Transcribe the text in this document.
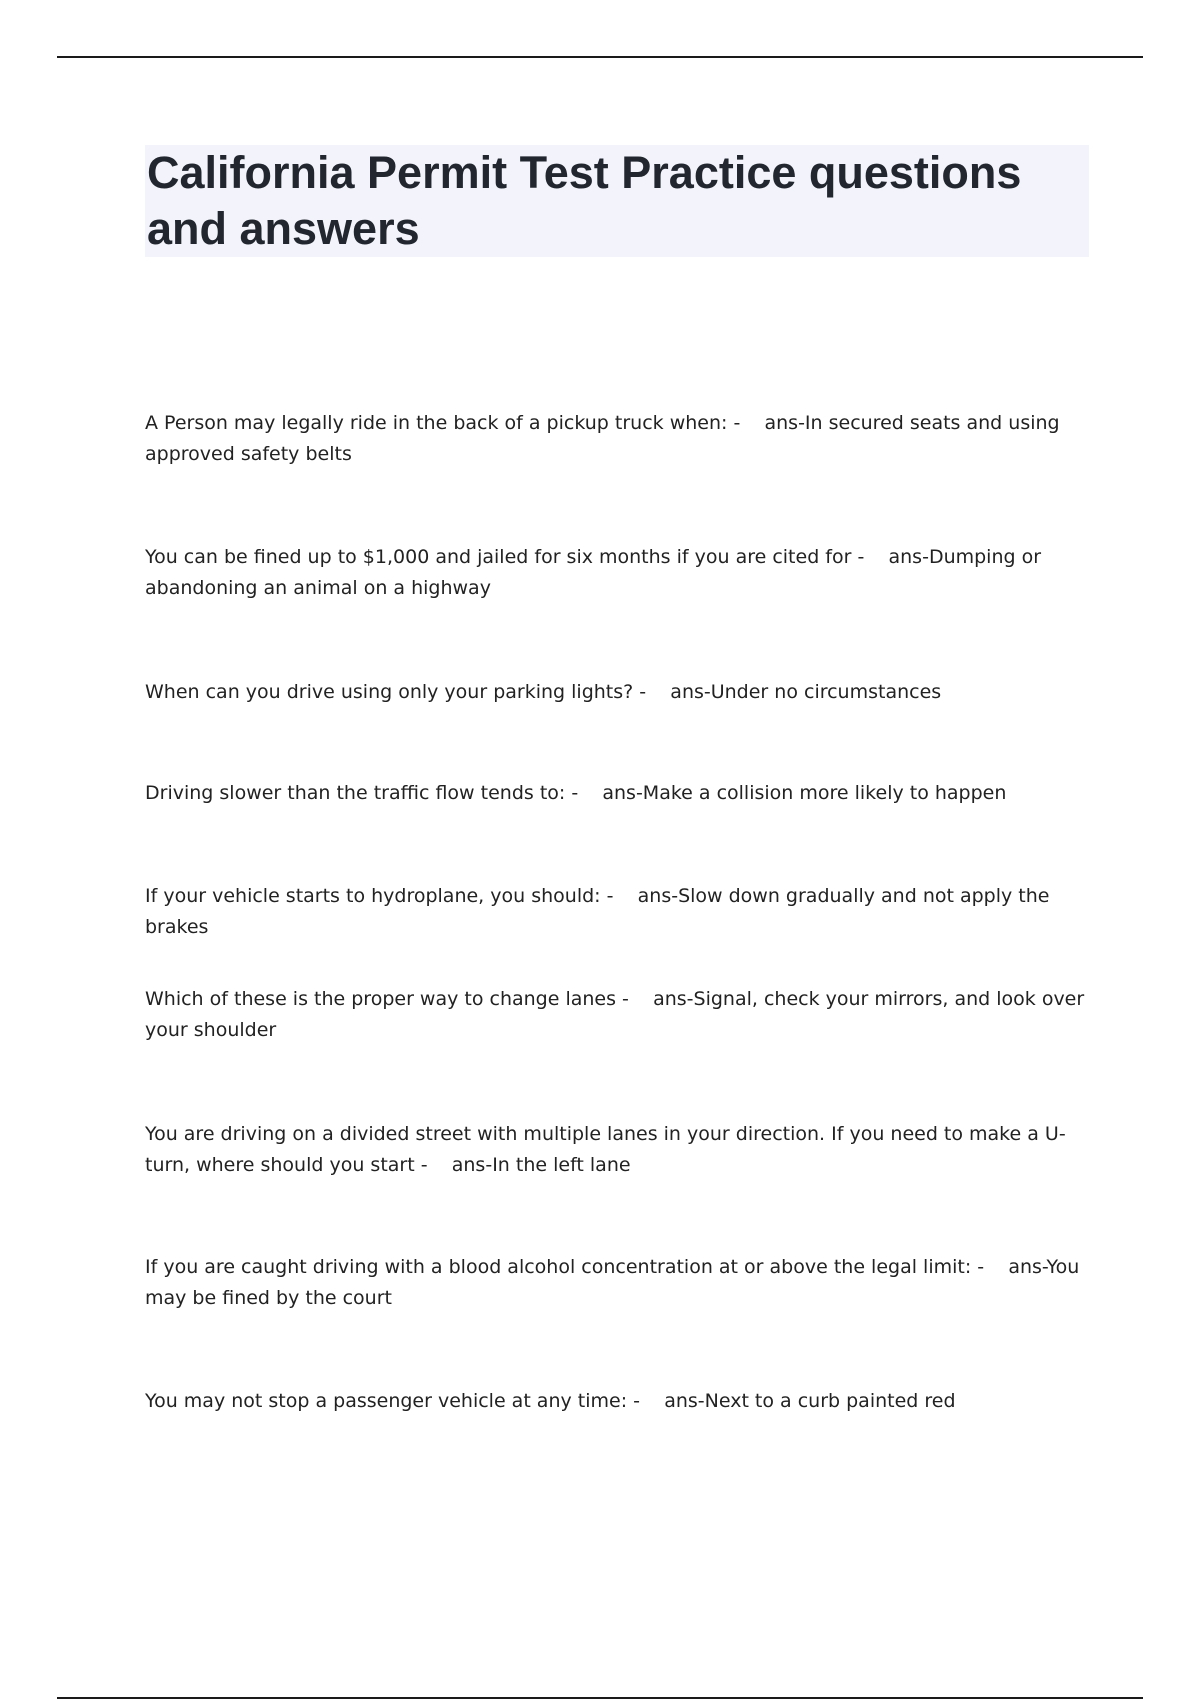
California Permit Test Practice questions and answers

A Person may legally ride in the back of a pickup truck when: - ans-In secured seats and using approved safety belts

You can be fined up to $1,000 and jailed for six months if you are cited for - ans-Dumping or abandoning an animal on a highway

When can you drive using only your parking lights? - ans-Under no circumstances

Driving slower than the traffic flow tends to: - ans-Make a collision more likely to happen

If your vehicle starts to hydroplane, you should: - ans-Slow down gradually and not apply the brakes

Which of these is the proper way to change lanes - ans-Signal, check your mirrors, and look over your shoulder

You are driving on a divided street with multiple lanes in your direction. If you need to make a U-turn, where should you start - ans-In the left lane

If you are caught driving with a blood alcohol concentration at or above the legal limit: - ans-You may be fined by the court

You may not stop a passenger vehicle at any time: - ans-Next to a curb painted red
